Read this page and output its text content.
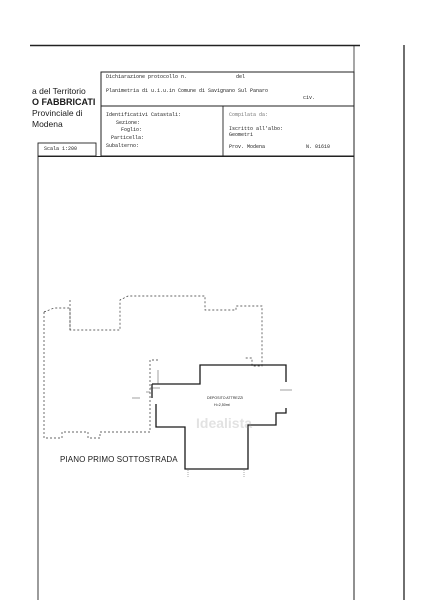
a del Territorio
O FABBRICATI
Provinciale di
Modena
Dichiarazione protocollo n.	del
Planimetria di u.i.u.in Comune di Savignano Sul Panaro
civ.
Identificativi Catastali:
Sezione:
Foglio:
Particella:
Subalterno:
Compilata da:
Iscritto all'albo:
Geometri
Prov. Modena	N. 01610
Scala 1:200
DEPOSITO ATTREZZI
H=2,50mt
Idealista
PIANO PRIMO SOTTOSTRADA
